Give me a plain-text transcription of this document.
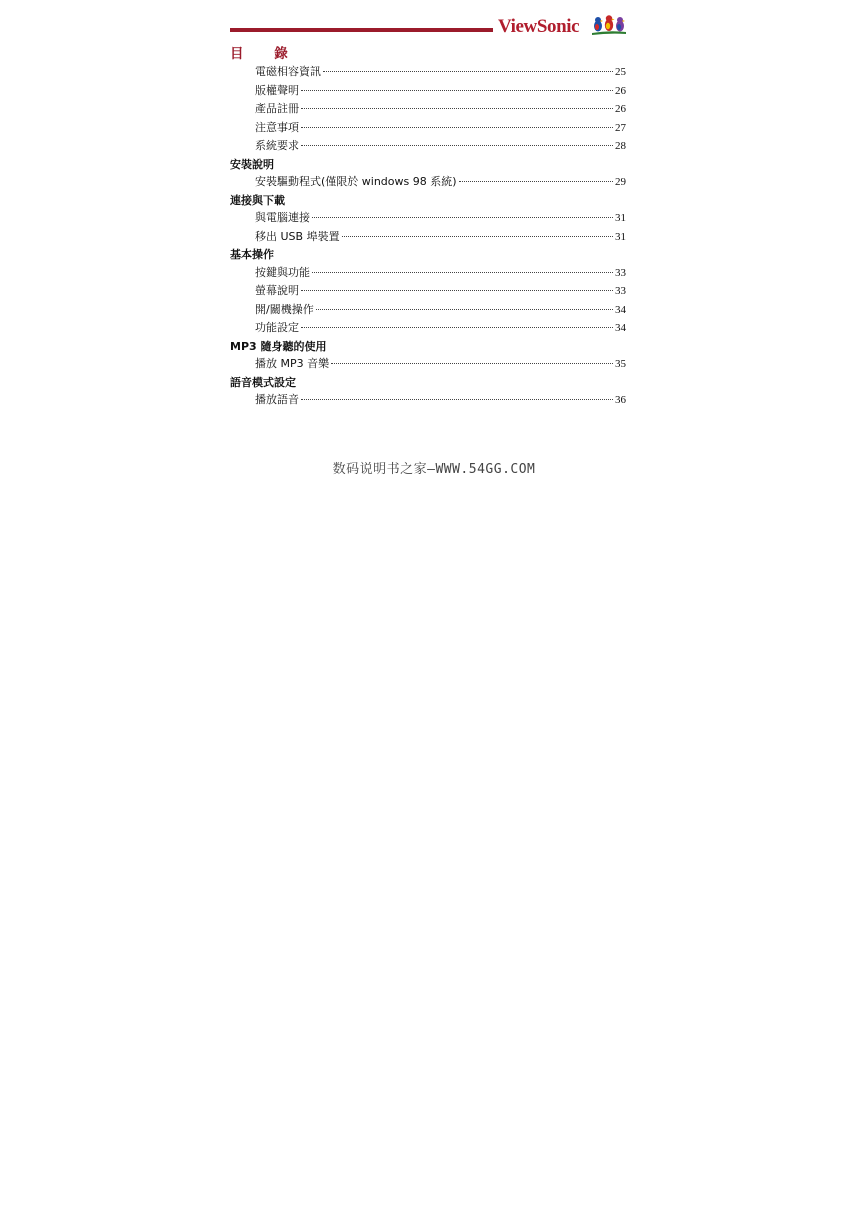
ViewSonic
目 錄
電磁相容資訊	25
版權聲明	26
產品註冊	26
注意事項	27
系統要求	28
安裝說明
安裝驅動程式(僅限於 windows 98 系統)	29
連接與下載
與電腦連接	31
移出 USB 埠裝置	31
基本操作
按鍵與功能	33
螢幕說明	33
開/關機操作	34
功能設定	34
MP3 隨身聽的使用
播放 MP3 音樂	35
語音模式設定
播放語音	36
数码说明书之家—WWW.54GG.COM
